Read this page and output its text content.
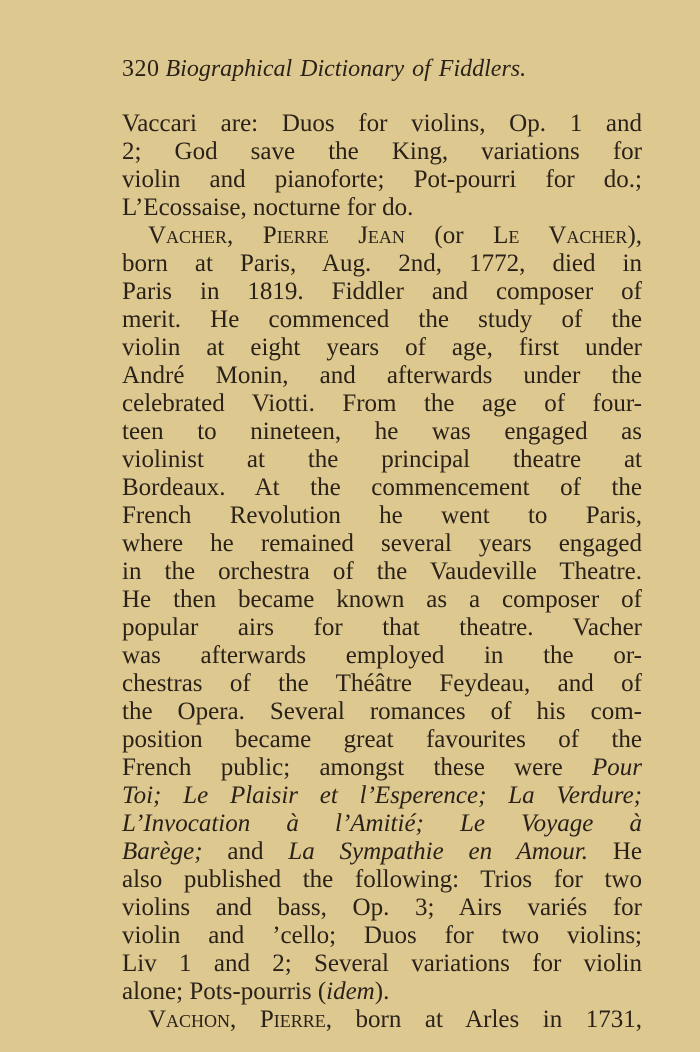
320 Biographical Dictionary of Fiddlers.
Vaccari are: Duos for violins, Op. 1 and
2; God save the King, variations for
violin and pianoforte; Pot-pourri for do.;
L’Ecossaise, nocturne for do.
Vacher, Pierre Jean (or Le Vacher),
born at Paris, Aug. 2nd, 1772, died in
Paris in 1819. Fiddler and composer of
merit. He commenced the study of the
violin at eight years of age, first under
André Monin, and afterwards under the
celebrated Viotti. From the age of four-
teen to nineteen, he was engaged as
violinist at the principal theatre at
Bordeaux. At the commencement of the
French Revolution he went to Paris,
where he remained several years engaged
in the orchestra of the Vaudeville Theatre.
He then became known as a composer of
popular airs for that theatre. Vacher
was afterwards employed in the or-
chestras of the Théâtre Feydeau, and of
the Opera. Several romances of his com-
position became great favourites of the
French public; amongst these were Pour
Toi; Le Plaisir et l’Esperence; La Verdure;
L’Invocation à l’Amitié; Le Voyage à
Barège; and La Sympathie en Amour. He
also published the following: Trios for two
violins and bass, Op. 3; Airs variés for
violin and ’cello; Duos for two violins;
Liv 1 and 2; Several variations for violin
alone; Pots-pourris (idem).
Vachon, Pierre, born at Arles in 1731,
